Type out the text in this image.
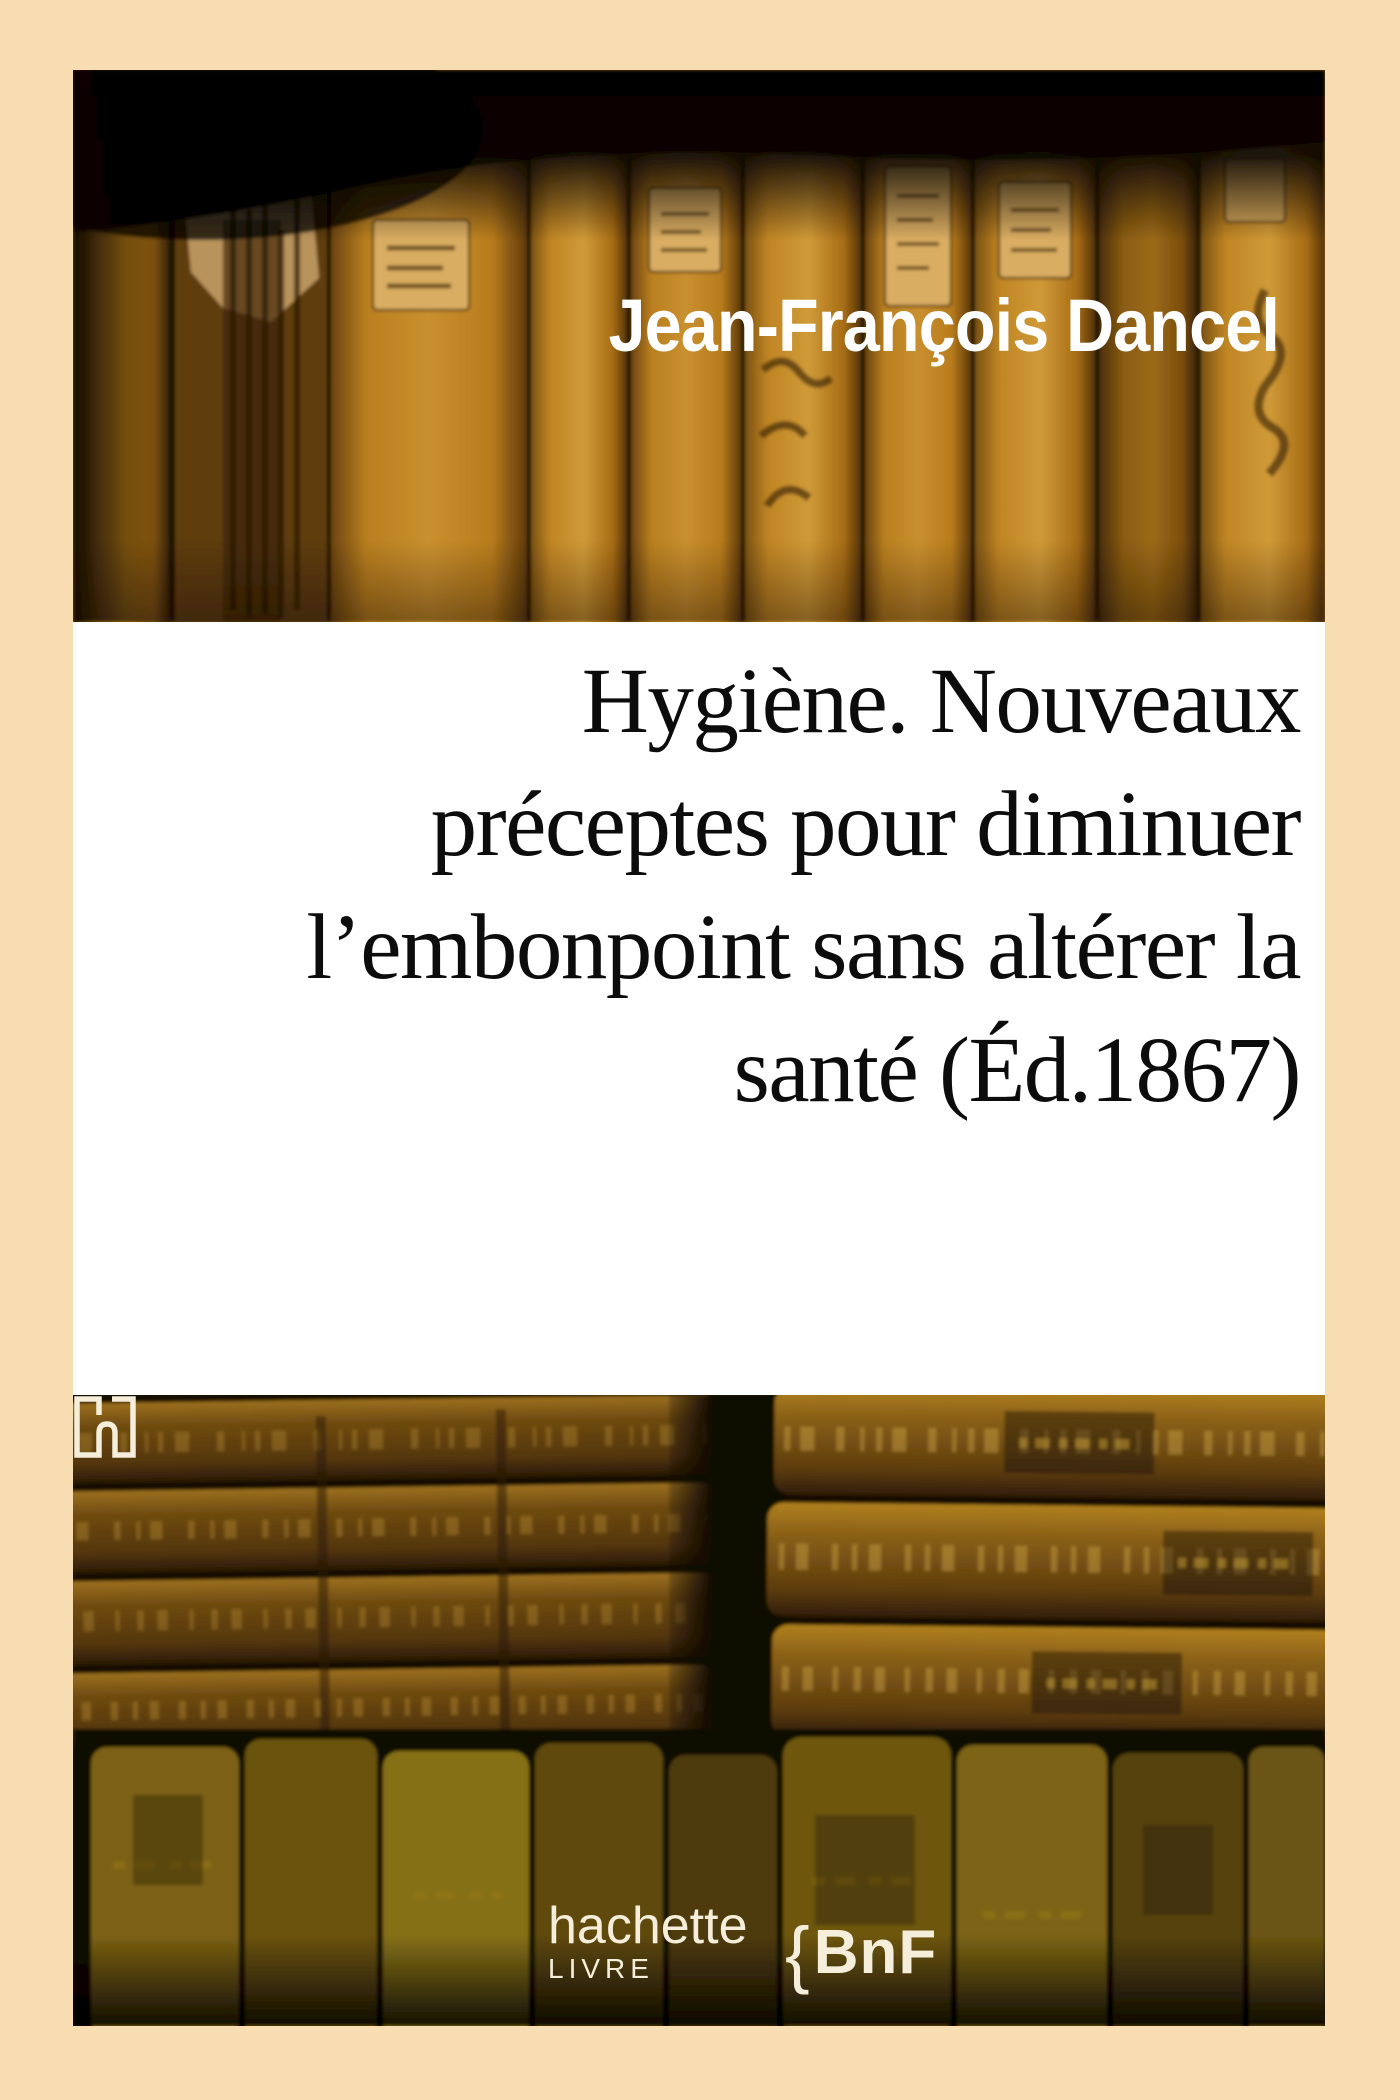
Jean-François Dancel
Hygiène. Nouveaux
préceptes pour diminuer
l’embonpoint sans altérer la
santé (Éd.1867)
hachette
LIVRE	{BnF
